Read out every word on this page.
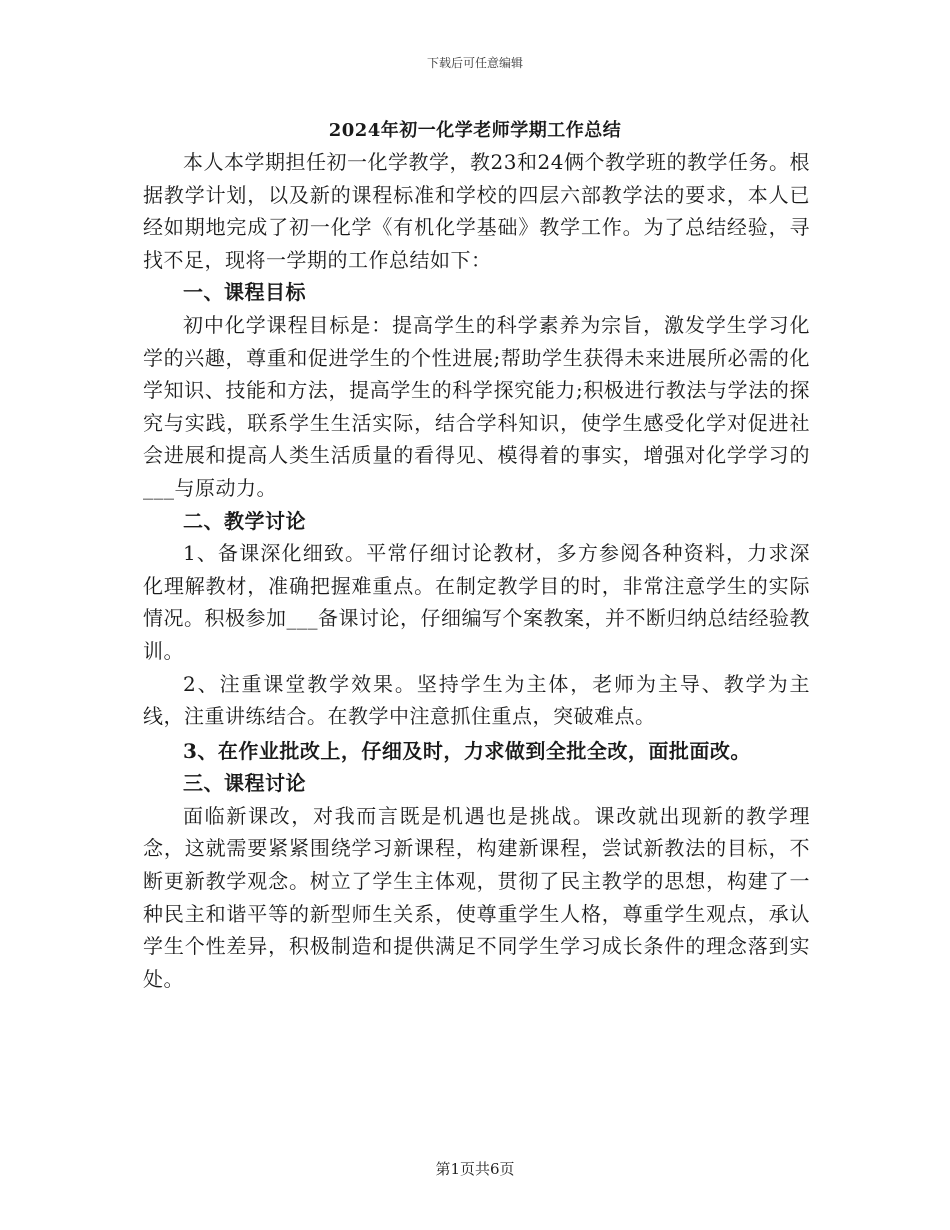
下载后可任意编辑
2024年初一化学老师学期工作总结

本人本学期担任初一化学教学，教23和24俩个教学班的教学任务。根据教学计划，以及新的课程标准和学校的四层六部教学法的要求，本人已经如期地完成了初一化学《有机化学基础》教学工作。为了总结经验，寻找不足，现将一学期的工作总结如下：

一、课程目标

初中化学课程目标是：提高学生的科学素养为宗旨，激发学生学习化学的兴趣，尊重和促进学生的个性进展;帮助学生获得未来进展所必需的化学知识、技能和方法，提高学生的科学探究能力;积极进行教法与学法的探究与实践，联系学生生活实际，结合学科知识，使学生感受化学对促进社会进展和提高人类生活质量的看得见、模得着的事实，增强对化学学习的___与原动力。

二、教学讨论

1、备课深化细致。平常仔细讨论教材，多方参阅各种资料，力求深化理解教材，准确把握难重点。在制定教学目的时，非常注意学生的实际情况。积极参加___备课讨论，仔细编写个案教案，并不断归纳总结经验教训。

2、注重课堂教学效果。坚持学生为主体，老师为主导、教学为主线，注重讲练结合。在教学中注意抓住重点，突破难点。

3、在作业批改上，仔细及时，力求做到全批全改，面批面改。

三、课程讨论

面临新课改，对我而言既是机遇也是挑战。课改就出现新的教学理念，这就需要紧紧围绕学习新课程，构建新课程，尝试新教法的目标，不断更新教学观念。树立了学生主体观，贯彻了民主教学的思想，构建了一种民主和谐平等的新型师生关系，使尊重学生人格，尊重学生观点，承认学生个性差异，积极制造和提供满足不同学生学习成长条件的理念落到实处。

第1页共6页
